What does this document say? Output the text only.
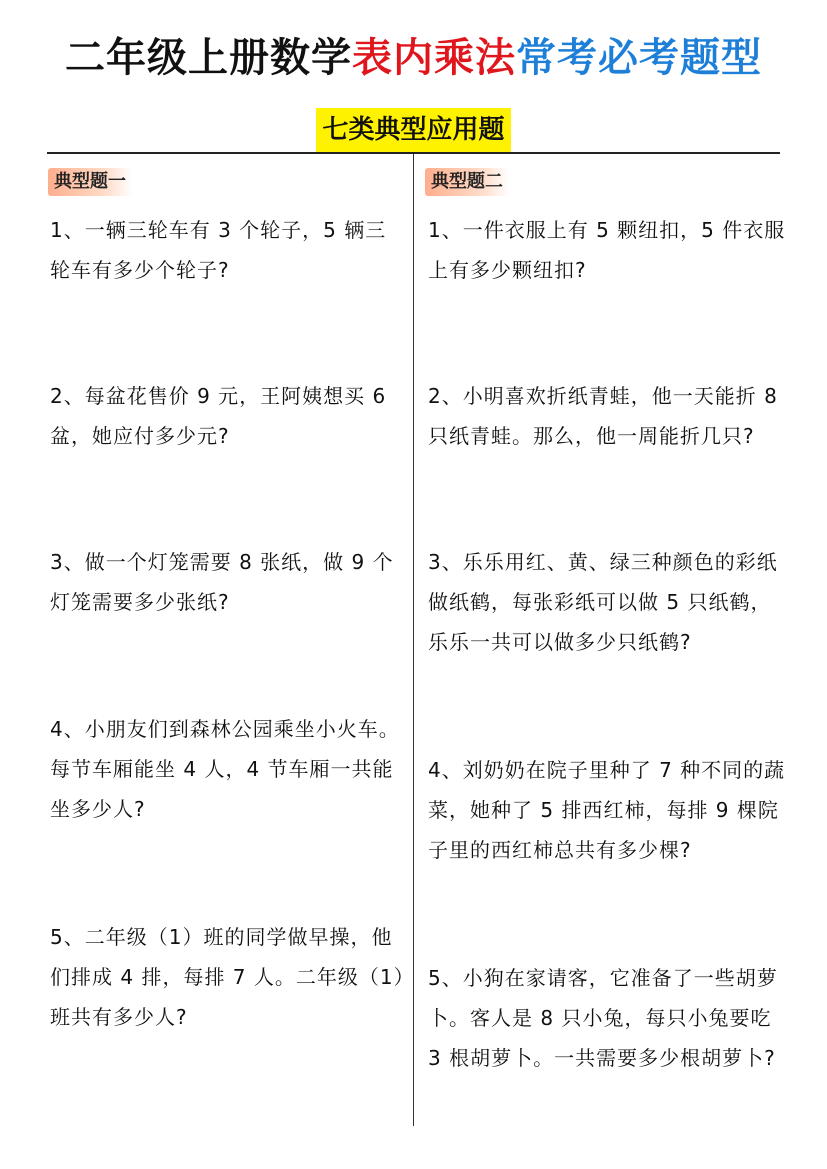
二年级上册数学表内乘法常考必考题型
七类典型应用题
典型题一
1、一辆三轮车有 3 个轮子，5 辆三轮车有多少个轮子?
2、每盆花售价 9 元，王阿姨想买 6 盆，她应付多少元?
3、做一个灯笼需要 8 张纸，做 9 个灯笼需要多少张纸?
4、小朋友们到森林公园乘坐小火车。每节车厢能坐 4 人，4 节车厢一共能坐多少人?
5、二年级（1）班的同学做早操，他们排成 4 排，每排 7 人。二年级（1）班共有多少人?
典型题二
1、一件衣服上有 5 颗纽扣，5 件衣服上有多少颗纽扣?
2、小明喜欢折纸青蛙，他一天能折 8 只纸青蛙。那么，他一周能折几只?
3、乐乐用红、黄、绿三种颜色的彩纸做纸鹤，每张彩纸可以做 5 只纸鹤，乐乐一共可以做多少只纸鹤?
4、刘奶奶在院子里种了 7 种不同的蔬菜，她种了 5 排西红柿，每排 9 棵院子里的西红柿总共有多少棵?
5、小狗在家请客，它准备了一些胡萝卜。客人是 8 只小兔，每只小兔要吃 3 根胡萝卜。一共需要多少根胡萝卜?
